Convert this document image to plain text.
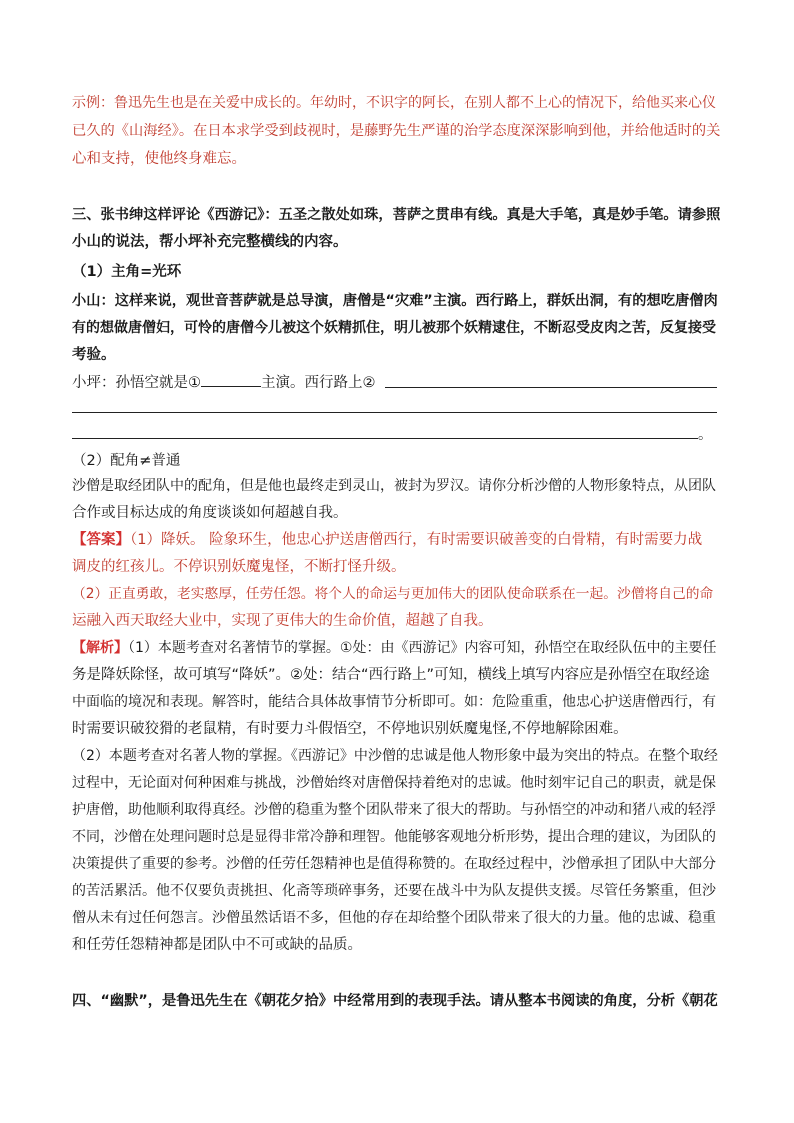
示例：鲁迅先生也是在关爱中成长的。年幼时，不识字的阿长，在别人都不上心的情况下，给他买来心仪
已久的《山海经》。在日本求学受到歧视时，是藤野先生严谨的治学态度深深影响到他，并给他适时的关
心和支持，使他终身难忘。
三、张书绅这样评论《西游记》：五圣之散处如珠，菩萨之贯串有线。真是大手笔，真是妙手笔。请参照
小山的说法，帮小坪补充完整横线的内容。
（1）主角=光环
小山：这样来说，观世音菩萨就是总导演，唐僧是“灾难”主演。西行路上，群妖出洞，有的想吃唐僧肉
有的想做唐僧妇，可怜的唐僧今儿被这个妖精抓住，明儿被那个妖精逮住，不断忍受皮肉之苦，反复接受
考验。
小坪：孙悟空就是①	主演。西行路上②
。
（2）配角≠普通
沙僧是取经团队中的配角，但是他也最终走到灵山，被封为罗汉。请你分析沙僧的人物形象特点，从团队
合作或目标达成的角度谈谈如何超越自我。
【答案】（1）降妖。 险象环生，他忠心护送唐僧西行，有时需要识破善变的白骨精，有时需要力战
调皮的红孩儿。不停识别妖魔鬼怪，不断打怪升级。
（2）正直勇敢，老实憨厚，任劳任怨。将个人的命运与更加伟大的团队使命联系在一起。沙僧将自己的命
运融入西天取经大业中，实现了更伟大的生命价值，超越了自我。
【解析】（1）本题考查对名著情节的掌握。①处：由《西游记》内容可知，孙悟空在取经队伍中的主要任
务是降妖除怪，故可填写“降妖”。②处：结合“西行路上”可知，横线上填写内容应是孙悟空在取经途
中面临的境况和表现。解答时，能结合具体故事情节分析即可。如：危险重重，他忠心护送唐僧西行，有
时需要识破狡猾的老鼠精，有时要力斗假悟空，不停地识别妖魔鬼怪,不停地解除困难。
（2）本题考查对名著人物的掌握。《西游记》中沙僧的忠诚是他人物形象中最为突出的特点。在整个取经
过程中，无论面对何种困难与挑战，沙僧始终对唐僧保持着绝对的忠诚。他时刻牢记自己的职责，就是保
护唐僧，助他顺利取得真经。沙僧的稳重为整个团队带来了很大的帮助。与孙悟空的冲动和猪八戒的轻浮
不同，沙僧在处理问题时总是显得非常冷静和理智。他能够客观地分析形势，提出合理的建议，为团队的
决策提供了重要的参考。沙僧的任劳任怨精神也是值得称赞的。在取经过程中，沙僧承担了团队中大部分
的苦活累活。他不仅要负责挑担、化斋等琐碎事务，还要在战斗中为队友提供支援。尽管任务繁重，但沙
僧从未有过任何怨言。沙僧虽然话语不多，但他的存在却给整个团队带来了很大的力量。他的忠诚、稳重
和任劳任怨精神都是团队中不可或缺的品质。
四、“幽默”，是鲁迅先生在《朝花夕拾》中经常用到的表现手法。请从整本书阅读的角度，分析《朝花
